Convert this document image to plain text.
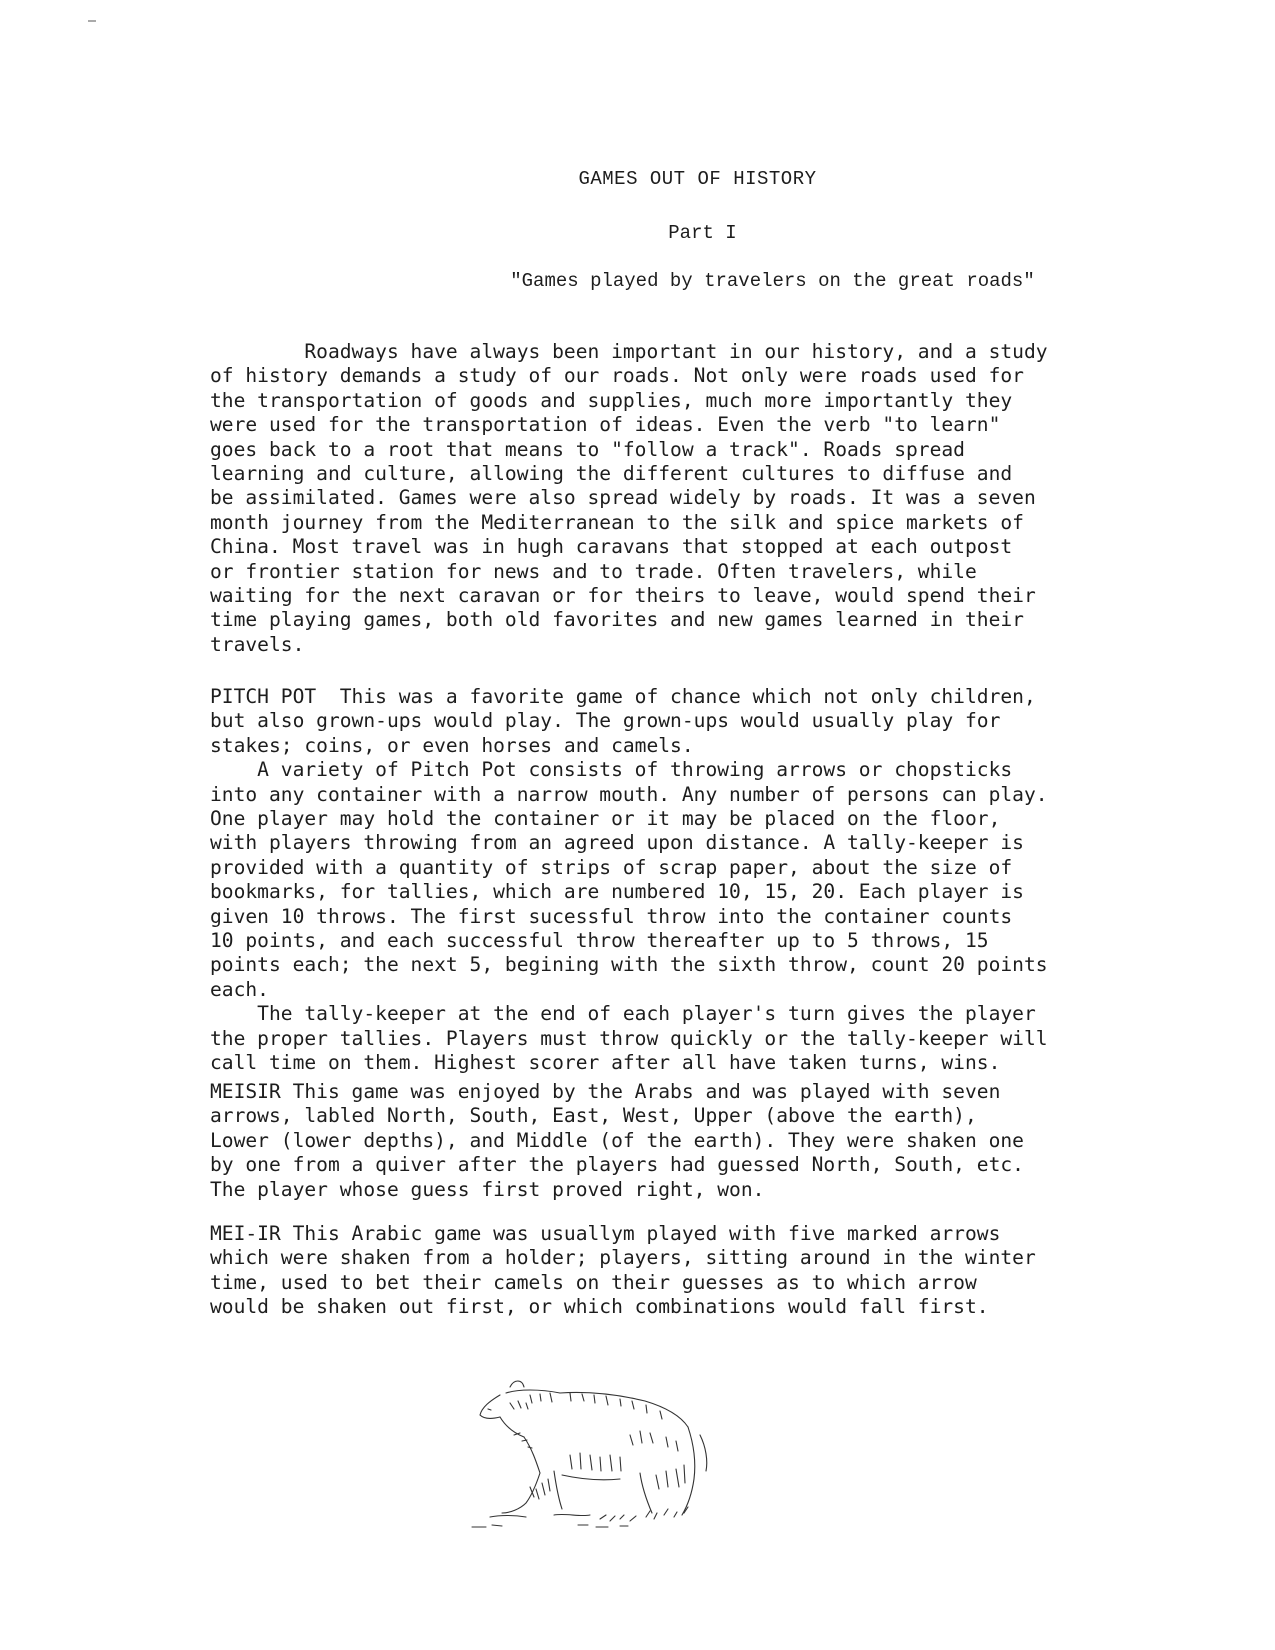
GAMES OUT OF HISTORY
Part I
"Games played by travelers on the great roads"
Roadways have always been important in our history, and a study
of history demands a study of our roads. Not only were roads used for
the transportation of goods and supplies, much more importantly they
were used for the transportation of ideas. Even the verb "to learn"
goes back to a root that means to "follow a track". Roads spread
learning and culture, allowing the different cultures to diffuse and
be assimilated. Games were also spread widely by roads. It was a seven
month journey from the Mediterranean to the silk and spice markets of
China. Most travel was in hugh caravans that stopped at each outpost
or frontier station for news and to trade. Often travelers, while
waiting for the next caravan or for theirs to leave, would spend their
time playing games, both old favorites and new games learned in their
travels.
PITCH POT  This was a favorite game of chance which not only children,
but also grown-ups would play. The grown-ups would usually play for
stakes; coins, or even horses and camels.
A variety of Pitch Pot consists of throwing arrows or chopsticks
into any container with a narrow mouth. Any number of persons can play.
One player may hold the container or it may be placed on the floor,
with players throwing from an agreed upon distance. A tally-keeper is
provided with a quantity of strips of scrap paper, about the size of
bookmarks, for tallies, which are numbered 10, 15, 20. Each player is
given 10 throws. The first sucessful throw into the container counts
10 points, and each successful throw thereafter up to 5 throws, 15
points each; the next 5, begining with the sixth throw, count 20 points
each.
The tally-keeper at the end of each player's turn gives the player
the proper tallies. Players must throw quickly or the tally-keeper will
call time on them. Highest scorer after all have taken turns, wins.
MEISIR This game was enjoyed by the Arabs and was played with seven
arrows, labled North, South, East, West, Upper (above the earth),
Lower (lower depths), and Middle (of the earth). They were shaken one
by one from a quiver after the players had guessed North, South, etc.
The player whose guess first proved right, won.
MEI-IR This Arabic game was usuallym played with five marked arrows
which were shaken from a holder; players, sitting around in the winter
time, used to bet their camels on their guesses as to which arrow
would be shaken out first, or which combinations would fall first.
